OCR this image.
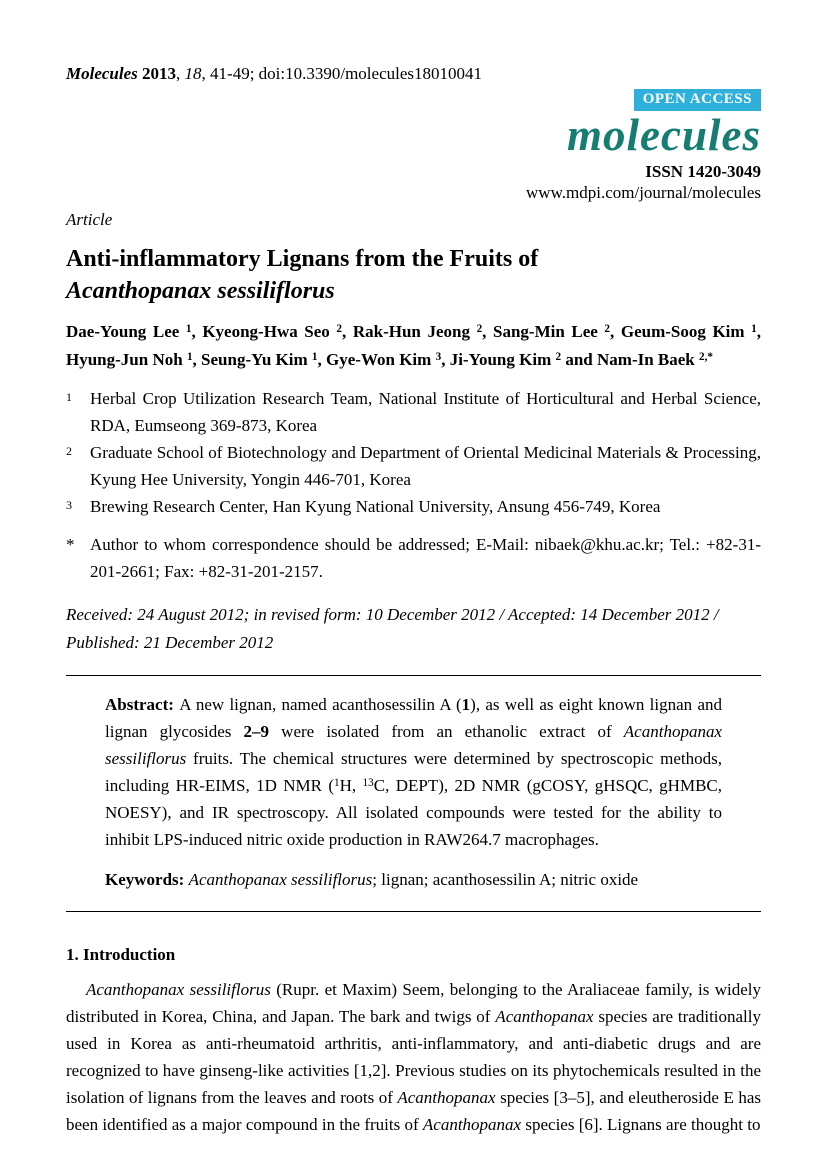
Molecules 2013, 18, 41-49; doi:10.3390/molecules18010041
OPEN ACCESS
molecules
ISSN 1420-3049
www.mdpi.com/journal/molecules
Article
Anti-inflammatory Lignans from the Fruits of
Acanthopanax sessiliflorus
Dae-Young Lee $^1$, Kyeong-Hwa Seo $^2$, Rak-Hun Jeong $^2$, Sang-Min Lee $^2$, Geum-Soog Kim $^1$, Hyung-Jun Noh $^1$, Seung-Yu Kim $^1$, Gye-Won Kim $^3$, Ji-Young Kim $^2$ and Nam-In Baek $^{2,*}$
1	Herbal Crop Utilization Research Team, National Institute of Horticultural and Herbal Science, RDA, Eumseong 369-873, Korea
2	Graduate School of Biotechnology and Department of Oriental Medicinal Materials & Processing, Kyung Hee University, Yongin 446-701, Korea
3	Brewing Research Center, Han Kyung National University, Ansung 456-749, Korea
* Author to whom correspondence should be addressed; E-Mail: nibaek@khu.ac.kr; Tel.: +82-31-201-2661; Fax: +82-31-201-2157.
Received: 24 August 2012; in revised form: 10 December 2012 / Accepted: 14 December 2012 / Published: 21 December 2012
Abstract: A new lignan, named acanthosessilin A (1), as well as eight known lignan and lignan glycosides 2–9 were isolated from an ethanolic extract of Acanthopanax sessiliflorus fruits. The chemical structures were determined by spectroscopic methods, including HR-EIMS, 1D NMR ($^1$H, $^{13}$C, DEPT), 2D NMR (gCOSY, gHSQC, gHMBC, NOESY), and IR spectroscopy. All isolated compounds were tested for the ability to inhibit LPS-induced nitric oxide production in RAW264.7 macrophages.
Keywords: Acanthopanax sessiliflorus; lignan; acanthosessilin A; nitric oxide
1. Introduction
Acanthopanax sessiliflorus (Rupr. et Maxim) Seem, belonging to the Araliaceae family, is widely distributed in Korea, China, and Japan. The bark and twigs of Acanthopanax species are traditionally used in Korea as anti-rheumatoid arthritis, anti-inflammatory, and anti-diabetic drugs and are recognized to have ginseng-like activities [1,2]. Previous studies on its phytochemicals resulted in the isolation of lignans from the leaves and roots of Acanthopanax species [3–5], and eleutheroside E has been identified as a major compound in the fruits of Acanthopanax species [6]. Lignans are thought to
